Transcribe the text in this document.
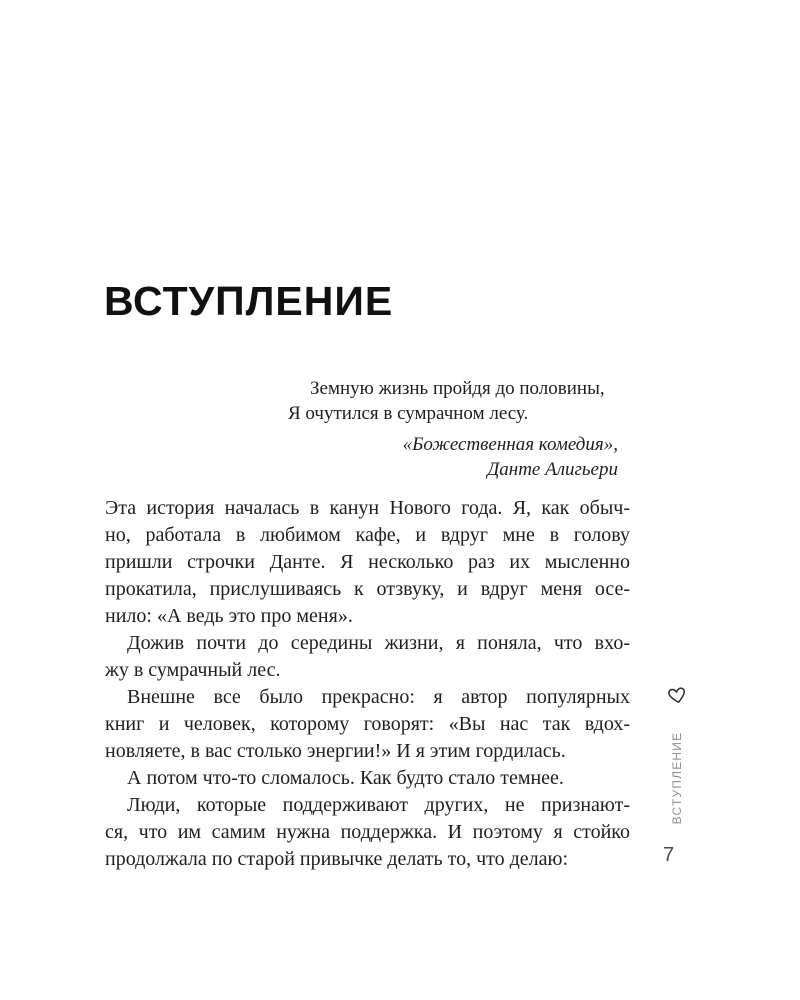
ВСТУПЛЕНИЕ
Земную жизнь пройдя до половины,
Я очутился в сумрачном лесу.
«Божественная комедия»,
Данте Алигьери
Эта история началась в канун Нового года. Я, как обыч-
но, работала в любимом кафе, и вдруг мне в голову
пришли строчки Данте. Я несколько раз их мысленно
прокатила, прислушиваясь к отзвуку, и вдруг меня осе-
нило: «А ведь это про меня».
Дожив почти до середины жизни, я поняла, что вхо-
жу в сумрачный лес.
Внешне все было прекрасно: я автор популярных
книг и человек, которому говорят: «Вы нас так вдох-
новляете, в вас столько энергии!» И я этим гордилась.
А потом что-то сломалось. Как будто стало темнее.
Люди, которые поддерживают других, не признают-
ся, что им самим нужна поддержка. И поэтому я стойко
продолжала по старой привычке делать то, что делаю:
ВСТУПЛЕНИЕ
7
